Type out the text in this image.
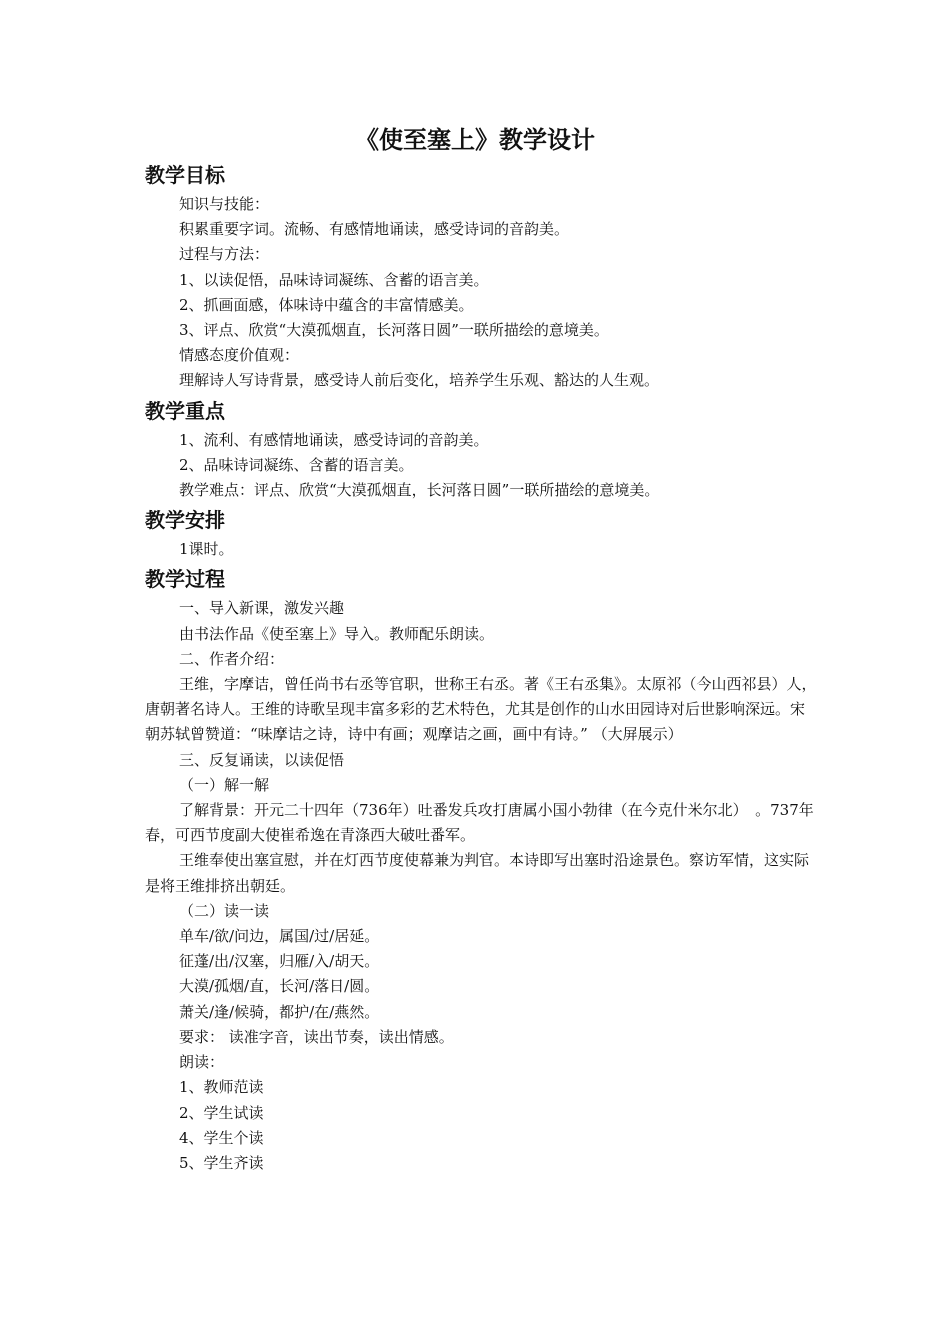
《使至塞上》教学设计
教学目标

知识与技能：

积累重要字词。流畅、有感情地诵读，感受诗词的音韵美。

过程与方法：

1、以读促悟，品味诗词凝练、含蓄的语言美。

2、抓画面感，体味诗中蕴含的丰富情感美。

3、评点、欣赏“大漠孤烟直，长河落日圆”一联所描绘的意境美。

情感态度价值观：

理解诗人写诗背景，感受诗人前后变化，培养学生乐观、豁达的人生观。

教学重点

1、流利、有感情地诵读，感受诗词的音韵美。

2、品味诗词凝练、含蓄的语言美。

教学难点：评点、欣赏“大漠孤烟直，长河落日圆”一联所描绘的意境美。

教学安排

1课时。

教学过程

一、导入新课，激发兴趣

由书法作品《使至塞上》导入。教师配乐朗读。

二、作者介绍：

王维，字摩诘，曾任尚书右丞等官职，世称王右丞。著《王右丞集》。太原祁（今山西祁县）人，唐朝著名诗人。王维的诗歌呈现丰富多彩的艺术特色，尤其是创作的山水田园诗对后世影响深远。宋朝苏轼曾赞道：“味摩诘之诗，诗中有画；观摩诘之画，画中有诗。” （大屏展示）

三、反复诵读，以读促悟

（一）解一解

了解背景：开元二十四年（736年）吐番发兵攻打唐属小国小勃律（在今克什米尔北）　。737年春，可西节度副大使崔希逸在青涤西大破吐番军。

王维奉使出塞宣慰，并在灯西节度使幕兼为判官。本诗即写出塞时沿途景色。察访军情，这实际是将王维排挤出朝廷。

（二）读一读

单车/欲/问边，属国/过/居延。

征蓬/出/汉塞，归雁/入/胡天。

大漠/孤烟/直，长河/落日/圆。

萧关/逢/候骑，都护/在/燕然。

要求： 读准字音，读出节奏，读出情感。

朗读：

1、教师范读

2、学生试读

4、学生个读

5、学生齐读
